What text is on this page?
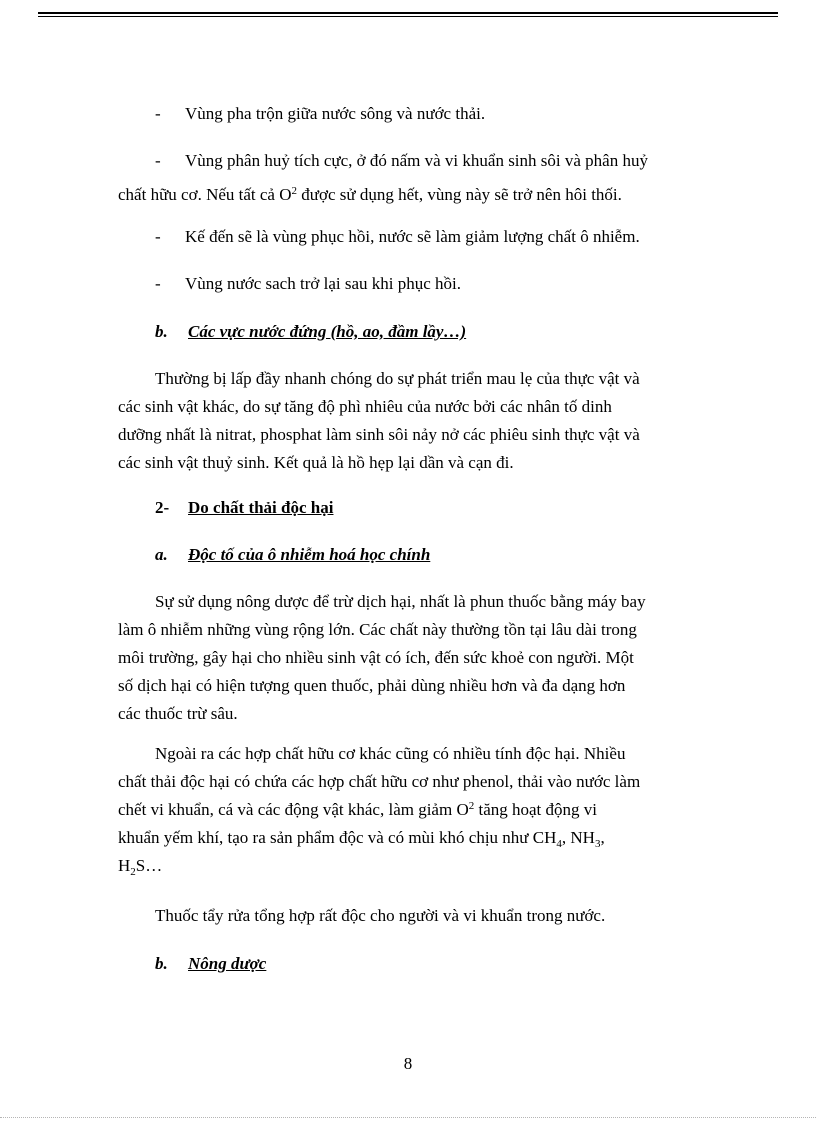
- Vùng pha trộn giữa nước sông và nước thải.
- Vùng phân huỷ tích cực, ở đó nấm và vi khuẩn sinh sôi và phân huỷ
chất hữu cơ. Nếu tất cả $O^2$ được sử dụng hết, vùng này sẽ trở nên hôi thối.
- Kế đến sẽ là vùng phục hồi, nước sẽ làm giảm lượng chất ô nhiễm.
- Vùng nước sach trở lại sau khi phục hồi.
b. Các vực nước đứng (hồ, ao, đầm lầy…)
Thường bị lấp đầy nhanh chóng do sự phát triển mau lẹ của thực vật và
các sinh vật khác, do sự tăng độ phì nhiêu của nước bởi các nhân tố dinh
dưỡng nhất là nitrat, phosphat làm sinh sôi nảy nở các phiêu sinh thực vật và
các sinh vật thuỷ sinh. Kết quả là hồ hẹp lại dần và cạn đi.
2- Do chất thải độc hại
a. Độc tố của ô nhiễm hoá học chính
Sự sử dụng nông dược để trừ dịch hại, nhất là phun thuốc bằng máy bay
làm ô nhiễm những vùng rộng lớn. Các chất này thường tồn tại lâu dài trong
môi trường, gây hại cho nhiều sinh vật có ích, đến sức khoẻ con người. Một
số dịch hại có hiện tượng quen thuốc, phải dùng nhiều hơn và đa dạng hơn
các thuốc trừ sâu.
Ngoài ra các hợp chất hữu cơ khác cũng có nhiều tính độc hại. Nhiều
chất thải độc hại có chứa các hợp chất hữu cơ như phenol, thải vào nước làm
chết vi khuẩn, cá và các động vật khác, làm giảm $O^2$ tăng hoạt động vi
khuẩn yếm khí, tạo ra sản phẩm độc và có mùi khó chịu như $CH_4$, $NH_3$,
$H_2S\dots$
Thuốc tẩy rửa tổng hợp rất độc cho người và vi khuẩn trong nước.
b. Nông dược
8
